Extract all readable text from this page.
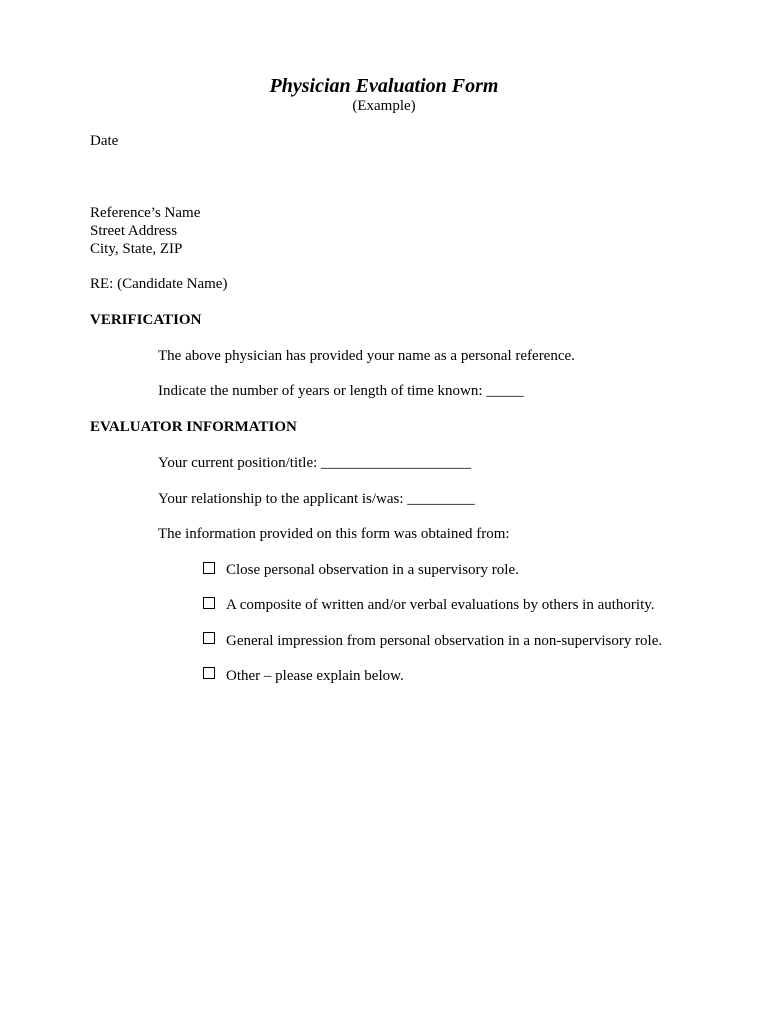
Physician Evaluation Form
(Example)
Date
Reference’s Name
Street Address
City, State, ZIP
RE: (Candidate Name)
VERIFICATION
The above physician has provided your name as a personal reference.
Indicate the number of years or length of time known: _____
EVALUATOR INFORMATION
Your current position/title: ____________________
Your relationship to the applicant is/was: _________
The information provided on this form was obtained from:
Close personal observation in a supervisory role.
A composite of written and/or verbal evaluations by others in authority.
General impression from personal observation in a non-supervisory role.
Other – please explain below.
